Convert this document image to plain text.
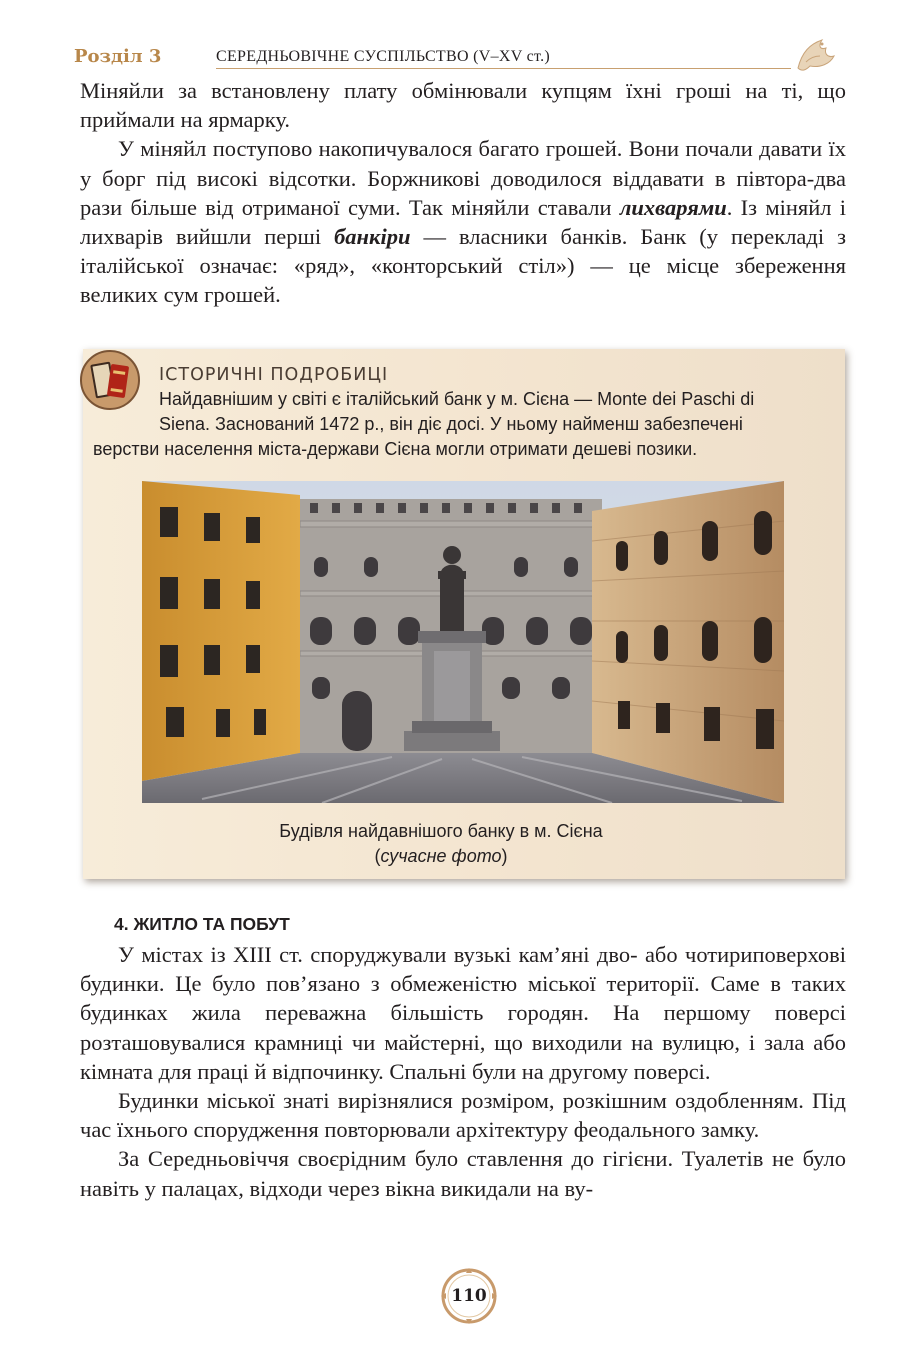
Розділ 3	СЕРЕДНЬОВІЧНЕ СУСПІЛЬСТВО (V–XV ст.)

Міняйли за встановлену плату обмінювали купцям їхні гроші на ті, що приймали на ярмарку.

У міняйл поступово накопичувалося багато грошей. Вони почали давати їх у борг під високі відсотки. Боржникові доводилося віддавати в півтора-два рази більше від отриманої суми. Так міняйли ставали лихварями. Із міняйл і лихварів вийшли перші банкіри — власники банків. Банк (у перекладі з італійської означає: «ряд», «конторський стіл») — це місце збереження великих сум грошей.

ІСТОРИЧНІ ПОДРОБИЦІ
Найдавнішим у світі є італійський банк у м. Сієна — Monte dei Paschi di
Siena. Заснований 1472 р., він діє досі. У ньому найменш забезпечені
верстви населення міста-держави Сієна могли отримати дешеві позики.
Будівля найдавнішого банку в м. Сієна
(сучасне фото)
4. ЖИТЛО ТА ПОБУТ

У містах із XIII ст. споруджували вузькі кам’яні дво- або чотириповерхові будинки. Це було пов’язано з обмеженістю міської території. Саме в таких будинках жила переважна більшість городян. На першому поверсі розташовувалися крамниці чи майстерні, що виходили на вулицю, і зала або кімната для праці й відпочинку. Спальні були на другому поверсі.

Будинки міської знаті вирізнялися розміром, розкішним оздобленням. Під час їхнього спорудження повторювали архітектуру феодального замку.

За Середньовіччя своєрідним було ставлення до гігієни. Туалетів не було навіть у палацах, відходи через вікна викидали на ву-

110
